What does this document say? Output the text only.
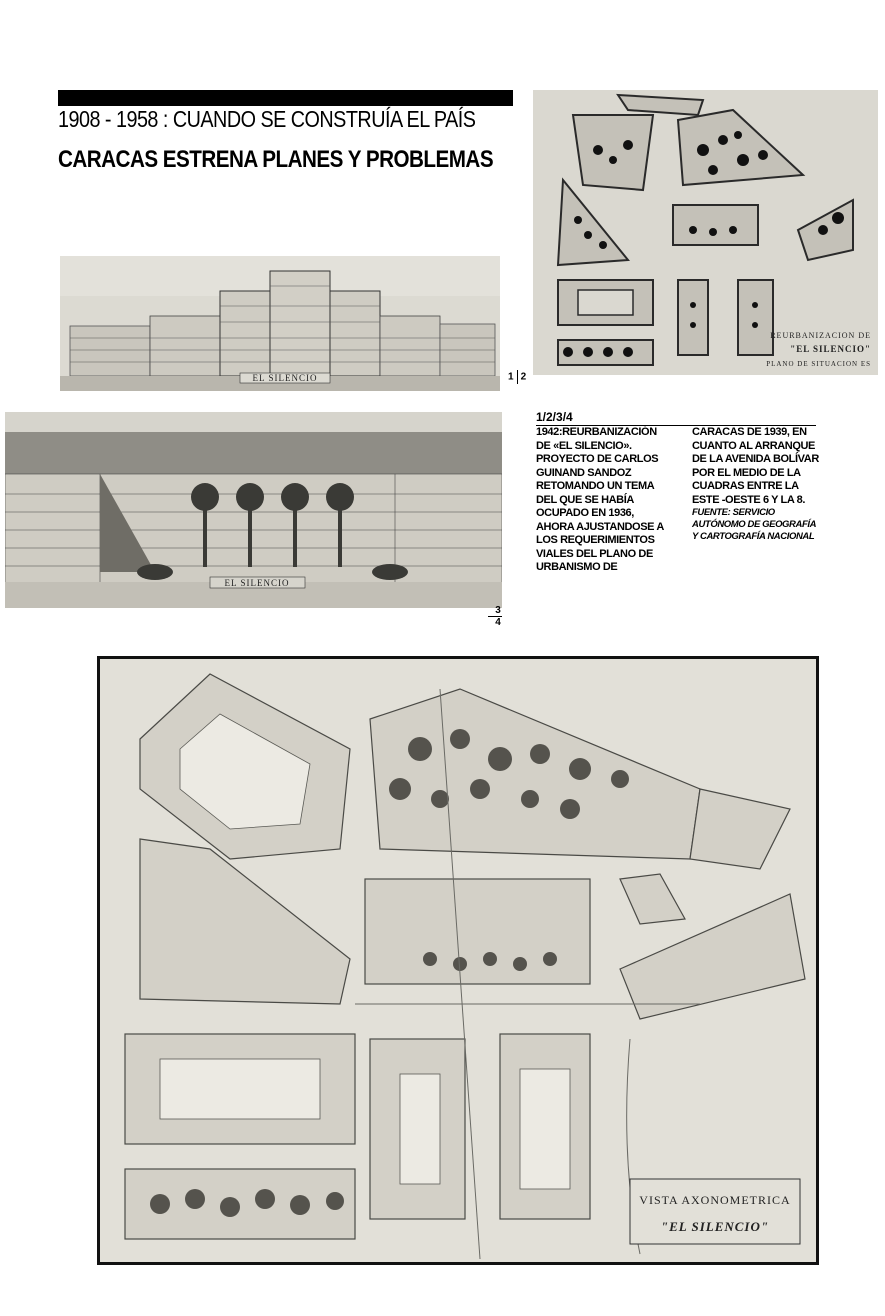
1908 - 1958 : CUANDO SE CONSTRUÍA EL PAÍS
CARACAS ESTRENA PLANES Y PROBLEMAS
EL SILENCIO	1 2
REURBANIZACION DE
"EL SILENCIO"
PLANO DE SITUACION ES
EL SILENCIO
3
4
1/2/3/4
1942:REURBANIZACIÓN
DE «EL SILENCIO».
PROYECTO DE CARLOS
GUINAND SANDOZ
RETOMANDO UN TEMA
DEL QUE SE HABÍA
OCUPADO EN 1936,
AHORA AJUSTANDOSE A
LOS REQUERIMIENTOS
VIALES DEL PLANO DE
URBANISMO DE
CARACAS DE 1939, EN
CUANTO AL ARRANQUE
DE LA AVENIDA BOLÍVAR
POR EL MEDIO DE LA
CUADRAS ENTRE LA
ESTE -OESTE 6 Y LA 8.
FUENTE: SERVICIO
AUTÓNOMO DE GEOGRAFÍA
Y CARTOGRAFÍA NACIONAL
VISTA AXONOMETRICA
"EL SILENCIO"
